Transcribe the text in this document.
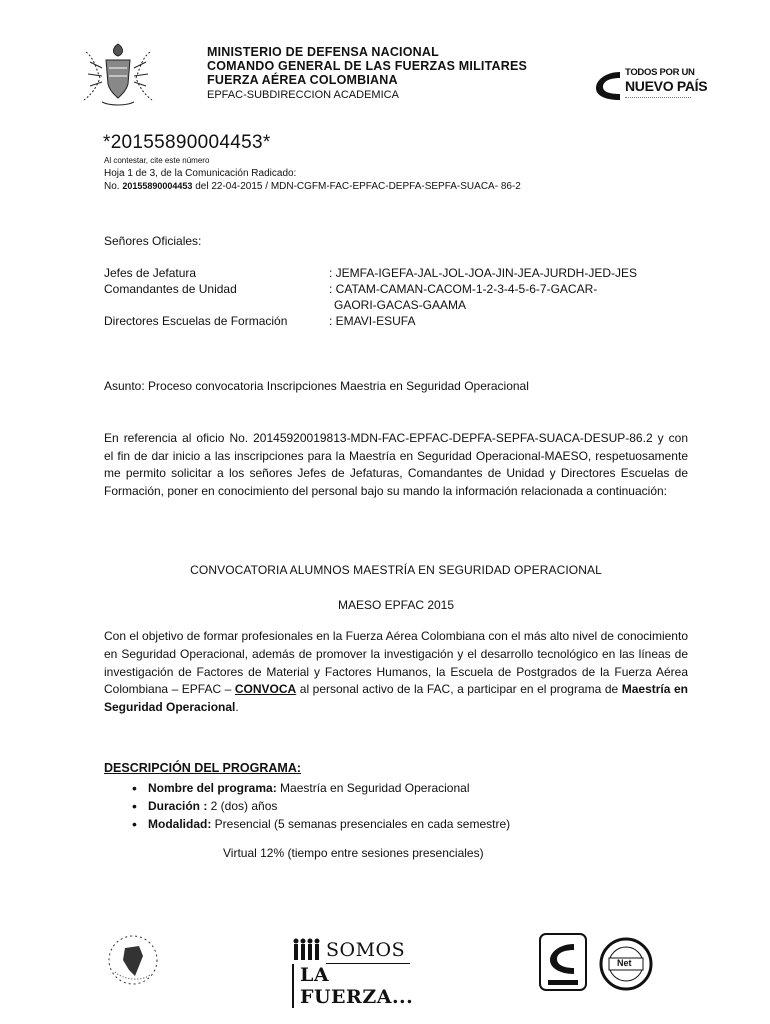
MINISTERIO DE DEFENSA NACIONAL
COMANDO GENERAL DE LAS FUERZAS MILITARES
FUERZA AÉREA COLOMBIANA
EPFAC-SUBDIRECCION ACADEMICA
TODOS POR UN
NUEVO PAÍS
*20155890004453*
Al contestar, cite este número
Hoja 1 de 3, de la Comunicación Radicado:
No. 20155890004453 del 22-04-2015 / MDN-CGFM-FAC-EPFAC-DEPFA-SEPFA-SUACA- 86-2
Señores Oficiales:
Jefes de Jefatura	: JEMFA-IGEFA-JAL-JOL-JOA-JIN-JEA-JURDH-JED-JES
Comandantes de Unidad	: CATAM-CAMAN-CACOM-1-2-3-4-5-6-7-GACAR-
GAORI-GACAS-GAAMA
Directores Escuelas de Formación	: EMAVI-ESUFA
Asunto: Proceso convocatoria Inscripciones Maestria en Seguridad Operacional
En referencia al oficio No. 20145920019813-MDN-FAC-EPFAC-DEPFA-SEPFA-SUACA-DESUP-86.2 y con el fin de dar inicio a las inscripciones para la Maestría en Seguridad Operacional-MAESO, respetuosamente me permito solicitar a los señores Jefes de Jefaturas, Comandantes de Unidad y Directores Escuelas de Formación, poner en conocimiento del personal bajo su mando la información relacionada a continuación:
CONVOCATORIA ALUMNOS MAESTRÍA EN SEGURIDAD OPERACIONAL
MAESO EPFAC 2015
Con el objetivo de formar profesionales en la Fuerza Aérea Colombiana con el más alto nivel de conocimiento en Seguridad Operacional, además de promover la investigación y el desarrollo tecnológico en las líneas de investigación de Factores de Material y Factores Humanos, la Escuela de Postgrados de la Fuerza Aérea Colombiana – EPFAC – CONVOCA al personal activo de la FAC, a participar en el programa de Maestría en Seguridad Operacional.
DESCRIPCIÓN DEL PROGRAMA:
• Nombre del programa: Maestría en Seguridad Operacional
• Duración : 2 (dos) años
• Modalidad: Presencial (5 semanas presenciales en cada semestre)
Virtual 12% (tiempo entre sesiones presenciales)
SOMOS
LA FUERZA...
Net
